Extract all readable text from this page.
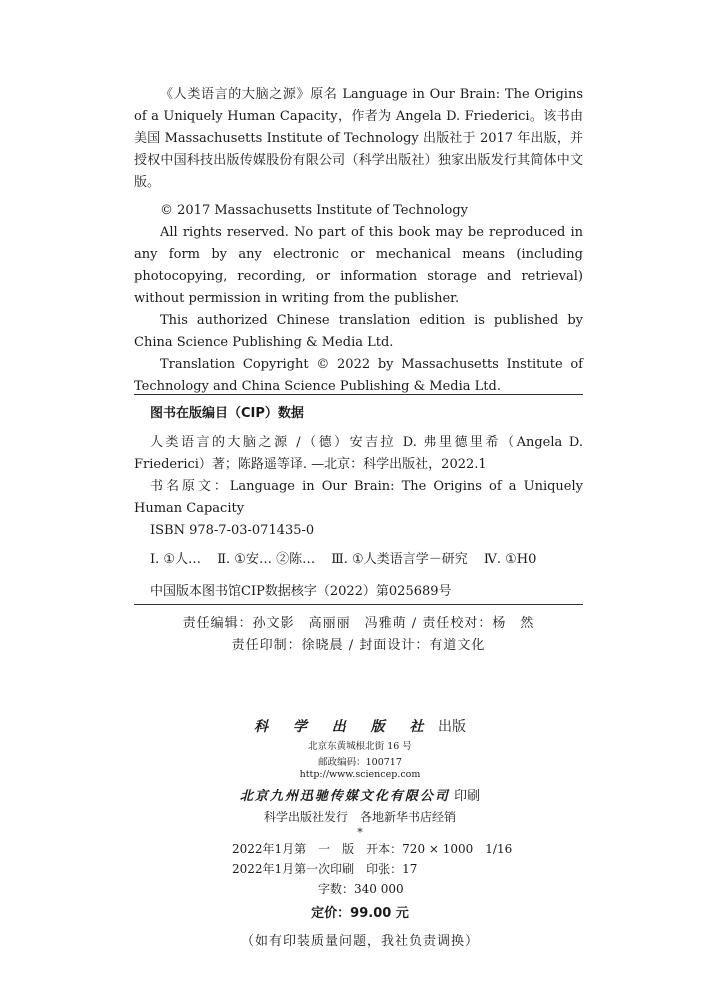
《人类语言的大脑之源》原名 Language in Our Brain: The Origins of a Uniquely Human Capacity，作者为 Angela D. Friederici。该书由美国 Massachusetts Institute of Technology 出版社于 2017 年出版，并授权中国科技出版传媒股份有限公司（科学出版社）独家出版发行其简体中文版。

© 2017 Massachusetts Institute of Technology

All rights reserved. No part of this book may be reproduced in any form by any electronic or mechanical means (including photocopying, recording, or information storage and retrieval) without permission in writing from the publisher.

This authorized Chinese translation edition is published by China Science Publishing & Media Ltd.

Translation Copyright © 2022 by Massachusetts Institute of Technology and China Science Publishing & Media Ltd.

图书在版编目（CIP）数据

人类语言的大脑之源 /（德）安吉拉 D. 弗里德里希（Angela D. Friederici）著；陈路遥等译. —北京：科学出版社，2022.1

书名原文：Language in Our Brain: The Origins of a Uniquely Human Capacity

ISBN 978-7-03-071435-0

Ⅰ. ①人… Ⅱ. ①安… ②陈… Ⅲ. ①人类语言学－研究 Ⅳ. ①H0
中国版本图书馆CIP数据核字（2022）第025689号
责任编辑：孙文影　高丽丽　冯雅萌 / 责任校对：杨　然
责任印制：徐晓晨 / 封面设计：有道文化
科 学 出 版 社 出版
北京东黄城根北街 16 号
邮政编码：100717
http://www.sciencep.com
北京九州迅驰传媒文化有限公司 印刷
科学出版社发行　各地新华书店经销
*
2022年1月第　一　版　开本：720 × 1000　1/16
2022年1月第一次印刷　印张：17
字数：340 000
定价：99.00 元
（如有印装质量问题，我社负责调换）
